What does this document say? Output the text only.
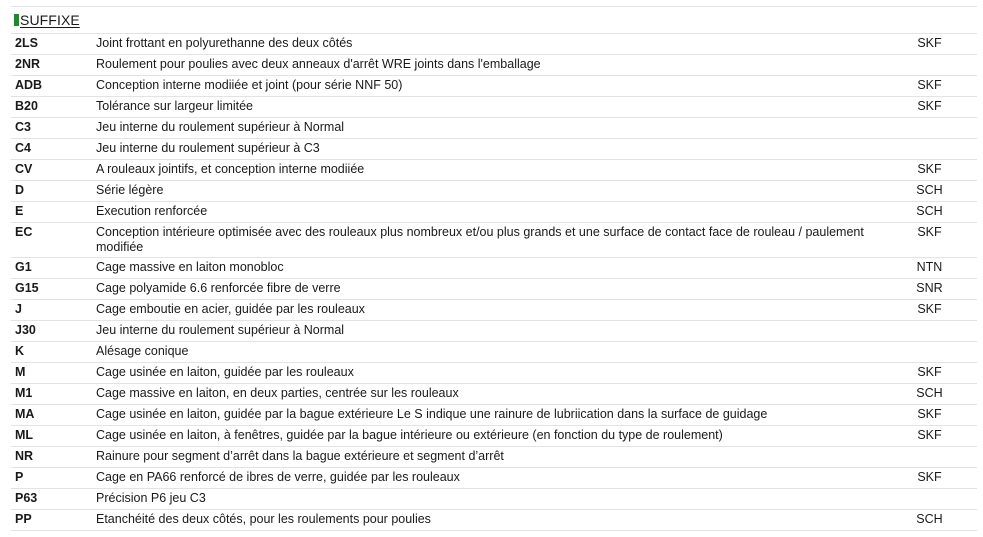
SUFFIXE
2LS	Joint frottant en polyurethanne des deux côtés	SKF
2NR	Roulement pour poulies avec deux anneaux d'arrêt WRE joints dans l'emballage	
ADB	Conception interne modiiée et joint (pour série NNF 50)	SKF
B20	Tolérance sur largeur limitée	SKF
C3	Jeu interne du roulement supérieur à Normal	
C4	Jeu interne du roulement supérieur à C3	
CV	A rouleaux jointifs, et conception interne modiiée	SKF
D	Série légère	SCH
E	Execution renforcée	SCH
EC	Conception intérieure optimisée avec des rouleaux plus nombreux et/ou plus grands et une surface de contact face de rouleau / paulement modifiée	SKF
G1	Cage massive en laiton monobloc	NTN
G15	Cage polyamide 6.6 renforcée fibre de verre	SNR
J	Cage emboutie en acier, guidée par les rouleaux	SKF
J30	Jeu interne du roulement supérieur à Normal	
K	Alésage conique	
M	Cage usinée en laiton, guidée par les rouleaux	SKF
M1	Cage massive en laiton, en deux parties, centrée sur les rouleaux	SCH
MA	Cage usinée en laiton, guidée par la bague extérieure Le S indique une rainure de lubriication dans la surface de guidage	SKF
ML	Cage usinée en laiton, à fenêtres, guidée par la bague intérieure ou extérieure (en fonction du type de roulement)	SKF
NR	Rainure pour segment d’arrêt dans la bague extérieure et segment d’arrêt	
P	Cage en PA66 renforcé de ibres de verre, guidée par les rouleaux	SKF
P63	Précision P6 jeu C3	
PP	Etanchéité des deux côtés, pour les roulements pour poulies	SCH
